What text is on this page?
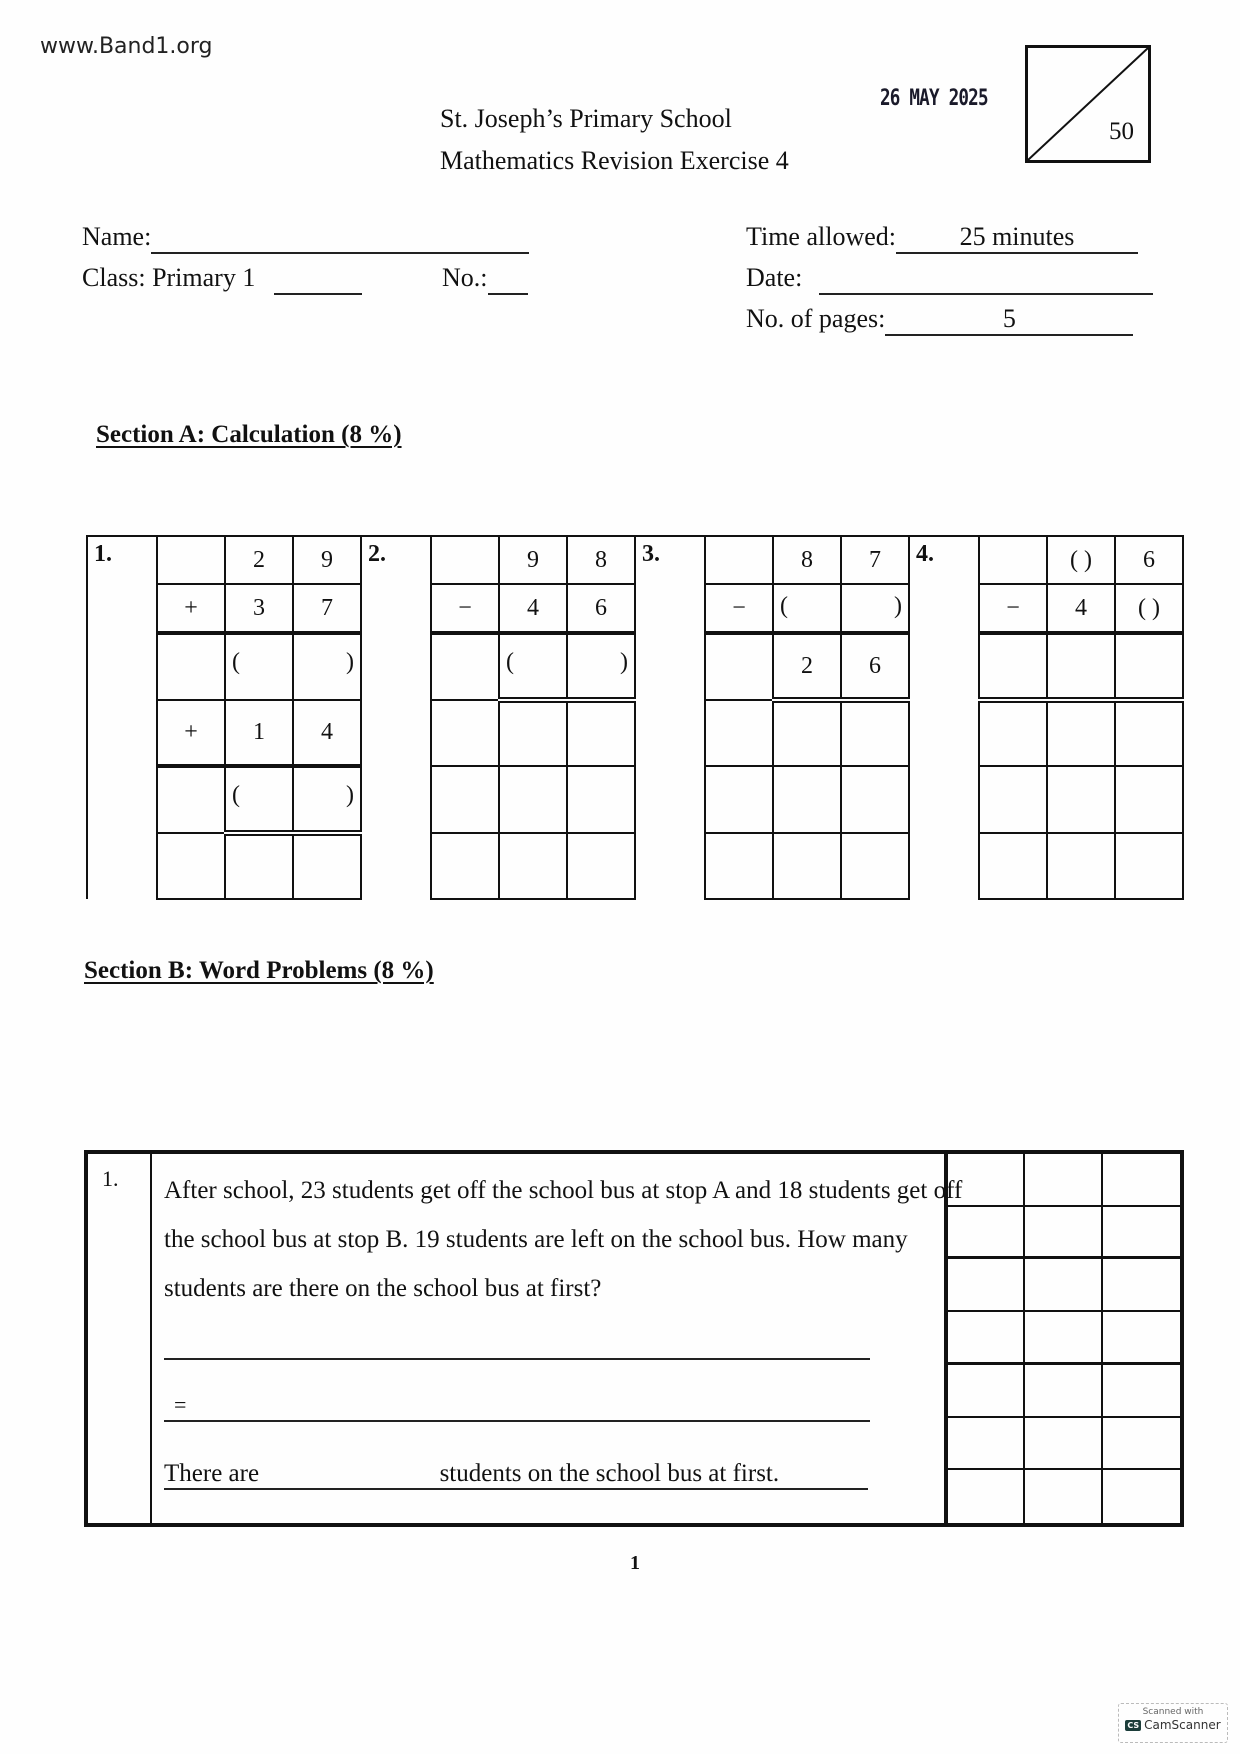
www.Band1.org
St. Joseph’s Primary School
Mathematics Revision Exercise 4
26 MAY 2025
50
Name:
Class: Primary 1	No.:
Time allowed: 25 minutes
Date:
No. of pages:	5
Section A: Calculation (8 %)
1.		2	9	2.		9	8	3.		8	7	4.		( )	6
	+	3	7		−	4	6		−	(	)		−	4	( )

		(	)			(	)			2	6				
	+	1	4												

		(	)												

Section B: Word Problems (8 %)
1.	After school, 23 students get off the school bus at stop A and 18 students get off the school bus at stop B. 19 students are left on the school bus. How many students are there on the school bus at first?
=
There are	students on the school bus at first.
1
Scanned with
CS CamScanner
